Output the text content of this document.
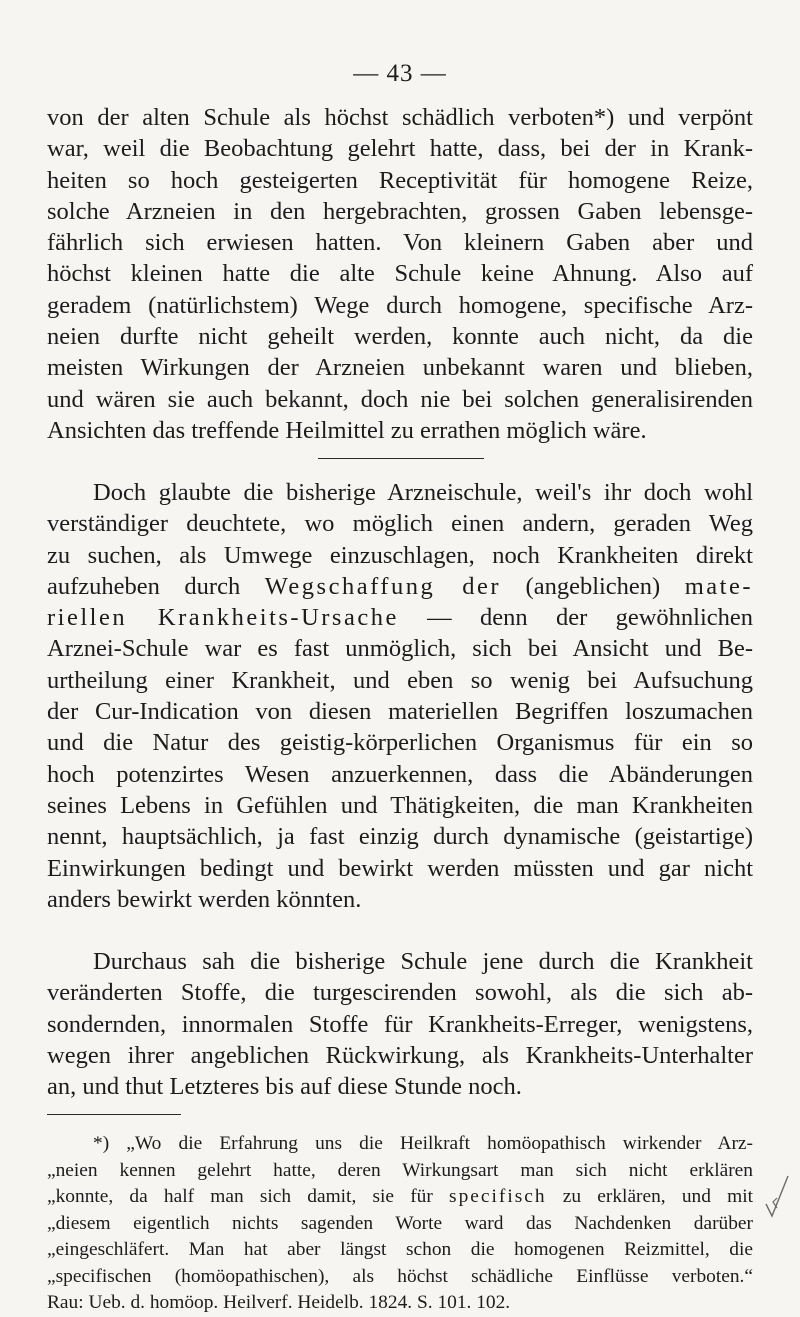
— 43 —
von der alten Schule als höchst schädlich verboten*) und verpönt
war, weil die Beobachtung gelehrt hatte, dass, bei der in Krank-
heiten so hoch gesteigerten Receptivität für homogene Reize,
solche Arzneien in den hergebrachten, grossen Gaben lebensge-
fährlich sich erwiesen hatten. Von kleinern Gaben aber und
höchst kleinen hatte die alte Schule keine Ahnung. Also auf
geradem (natürlichstem) Wege durch homogene, specifische Arz-
neien durfte nicht geheilt werden, konnte auch nicht, da die
meisten Wirkungen der Arzneien unbekannt waren und blieben,
und wären sie auch bekannt, doch nie bei solchen generalisirenden
Ansichten das treffende Heilmittel zu errathen möglich wäre.
Doch glaubte die bisherige Arzneischule, weil's ihr doch wohl
verständiger deuchtete, wo möglich einen andern, geraden Weg
zu suchen, als Umwege einzuschlagen, noch Krankheiten direkt
aufzuheben durch Wegschaffung der (angeblichen) mate-
riellen Krankheits-Ursache — denn der gewöhnlichen
Arznei-Schule war es fast unmöglich, sich bei Ansicht und Be-
urtheilung einer Krankheit, und eben so wenig bei Aufsuchung
der Cur-Indication von diesen materiellen Begriffen loszumachen
und die Natur des geistig-körperlichen Organismus für ein so
hoch potenzirtes Wesen anzuerkennen, dass die Abänderungen
seines Lebens in Gefühlen und Thätigkeiten, die man Krankheiten
nennt, hauptsächlich, ja fast einzig durch dynamische (geistartige)
Einwirkungen bedingt und bewirkt werden müssten und gar nicht
anders bewirkt werden könnten.
Durchaus sah die bisherige Schule jene durch die Krankheit
veränderten Stoffe, die turgescirenden sowohl, als die sich ab-
sondernden, innormalen Stoffe für Krankheits-Erreger, wenigstens,
wegen ihrer angeblichen Rückwirkung, als Krankheits-Unterhalter
an, und thut Letzteres bis auf diese Stunde noch.
*) „Wo die Erfahrung uns die Heilkraft homöopathisch wirkender Arz-
„neien kennen gelehrt hatte, deren Wirkungsart man sich nicht erklären
„konnte, da half man sich damit, sie für specifisch zu erklären, und mit
„diesem eigentlich nichts sagenden Worte ward das Nachdenken darüber
„eingeschläfert. Man hat aber längst schon die homogenen Reizmittel, die
„specifischen (homöopathischen), als höchst schädliche Einflüsse verboten.“
Rau: Ueb. d. homöop. Heilverf. Heidelb. 1824. S. 101. 102.
